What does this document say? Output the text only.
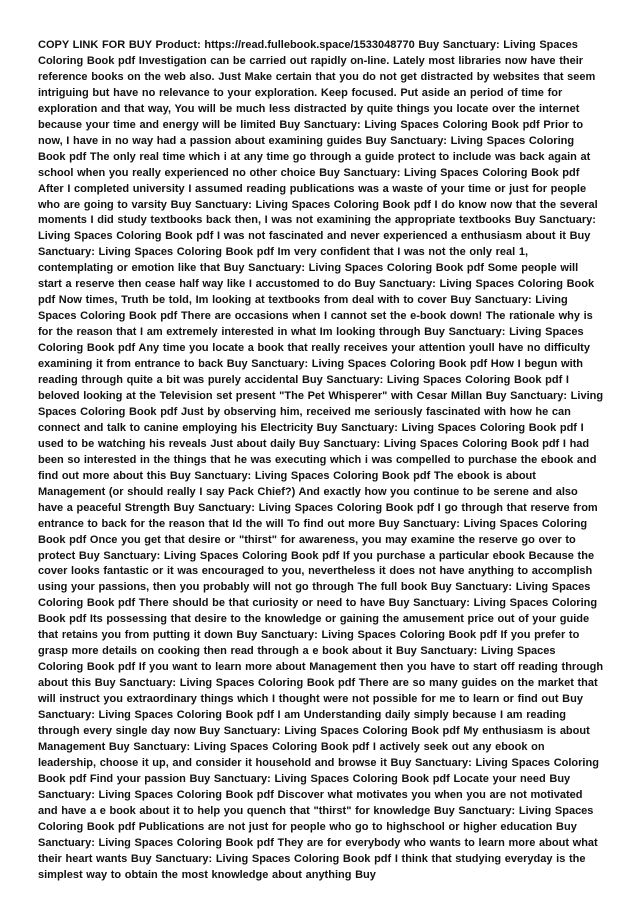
COPY LINK FOR BUY Product: https://read.fullebook.space/1533048770 Buy Sanctuary: Living Spaces Coloring Book pdf Investigation can be carried out rapidly on-line. Lately most libraries now have their reference books on the web also. Just Make certain that you do not get distracted by websites that seem intriguing but have no relevance to your exploration. Keep focused. Put aside an period of time for exploration and that way, You will be much less distracted by quite things you locate over the internet because your time and energy will be limited Buy Sanctuary: Living Spaces Coloring Book pdf Prior to now, I have in no way had a passion about examining guides Buy Sanctuary: Living Spaces Coloring Book pdf The only real time which i at any time go through a guide protect to include was back again at school when you really experienced no other choice Buy Sanctuary: Living Spaces Coloring Book pdf After I completed university I assumed reading publications was a waste of your time or just for people who are going to varsity Buy Sanctuary: Living Spaces Coloring Book pdf I do know now that the several moments I did study textbooks back then, I was not examining the appropriate textbooks Buy Sanctuary: Living Spaces Coloring Book pdf I was not fascinated and never experienced a enthusiasm about it Buy Sanctuary: Living Spaces Coloring Book pdf Im very confident that I was not the only real 1, contemplating or emotion like that Buy Sanctuary: Living Spaces Coloring Book pdf Some people will start a reserve then cease half way like I accustomed to do Buy Sanctuary: Living Spaces Coloring Book pdf Now times, Truth be told, Im looking at textbooks from deal with to cover Buy Sanctuary: Living Spaces Coloring Book pdf There are occasions when I cannot set the e-book down! The rationale why is for the reason that I am extremely interested in what Im looking through Buy Sanctuary: Living Spaces Coloring Book pdf Any time you locate a book that really receives your attention youll have no difficulty examining it from entrance to back Buy Sanctuary: Living Spaces Coloring Book pdf How I begun with reading through quite a bit was purely accidental Buy Sanctuary: Living Spaces Coloring Book pdf I beloved looking at the Television set present "The Pet Whisperer" with Cesar Millan Buy Sanctuary: Living Spaces Coloring Book pdf Just by observing him, received me seriously fascinated with how he can connect and talk to canine employing his Electricity Buy Sanctuary: Living Spaces Coloring Book pdf I used to be watching his reveals Just about daily Buy Sanctuary: Living Spaces Coloring Book pdf I had been so interested in the things that he was executing which i was compelled to purchase the ebook and find out more about this Buy Sanctuary: Living Spaces Coloring Book pdf The ebook is about Management (or should really I say Pack Chief?) And exactly how you continue to be serene and also have a peaceful Strength Buy Sanctuary: Living Spaces Coloring Book pdf I go through that reserve from entrance to back for the reason that Id the will To find out more Buy Sanctuary: Living Spaces Coloring Book pdf Once you get that desire or "thirst" for awareness, you may examine the reserve go over to protect Buy Sanctuary: Living Spaces Coloring Book pdf If you purchase a particular ebook Because the cover looks fantastic or it was encouraged to you, nevertheless it does not have anything to accomplish using your passions, then you probably will not go through The full book Buy Sanctuary: Living Spaces Coloring Book pdf There should be that curiosity or need to have Buy Sanctuary: Living Spaces Coloring Book pdf Its possessing that desire to the knowledge or gaining the amusement price out of your guide that retains you from putting it down Buy Sanctuary: Living Spaces Coloring Book pdf If you prefer to grasp more details on cooking then read through a e book about it Buy Sanctuary: Living Spaces Coloring Book pdf If you want to learn more about Management then you have to start off reading through about this Buy Sanctuary: Living Spaces Coloring Book pdf There are so many guides on the market that will instruct you extraordinary things which I thought were not possible for me to learn or find out Buy Sanctuary: Living Spaces Coloring Book pdf I am Understanding daily simply because I am reading through every single day now Buy Sanctuary: Living Spaces Coloring Book pdf My enthusiasm is about Management Buy Sanctuary: Living Spaces Coloring Book pdf I actively seek out any ebook on leadership, choose it up, and consider it household and browse it Buy Sanctuary: Living Spaces Coloring Book pdf Find your passion Buy Sanctuary: Living Spaces Coloring Book pdf Locate your need Buy Sanctuary: Living Spaces Coloring Book pdf Discover what motivates you when you are not motivated and have a e book about it to help you quench that "thirst" for knowledge Buy Sanctuary: Living Spaces Coloring Book pdf Publications are not just for people who go to highschool or higher education Buy Sanctuary: Living Spaces Coloring Book pdf They are for everybody who wants to learn more about what their heart wants Buy Sanctuary: Living Spaces Coloring Book pdf I think that studying everyday is the simplest way to obtain the most knowledge about anything Buy
